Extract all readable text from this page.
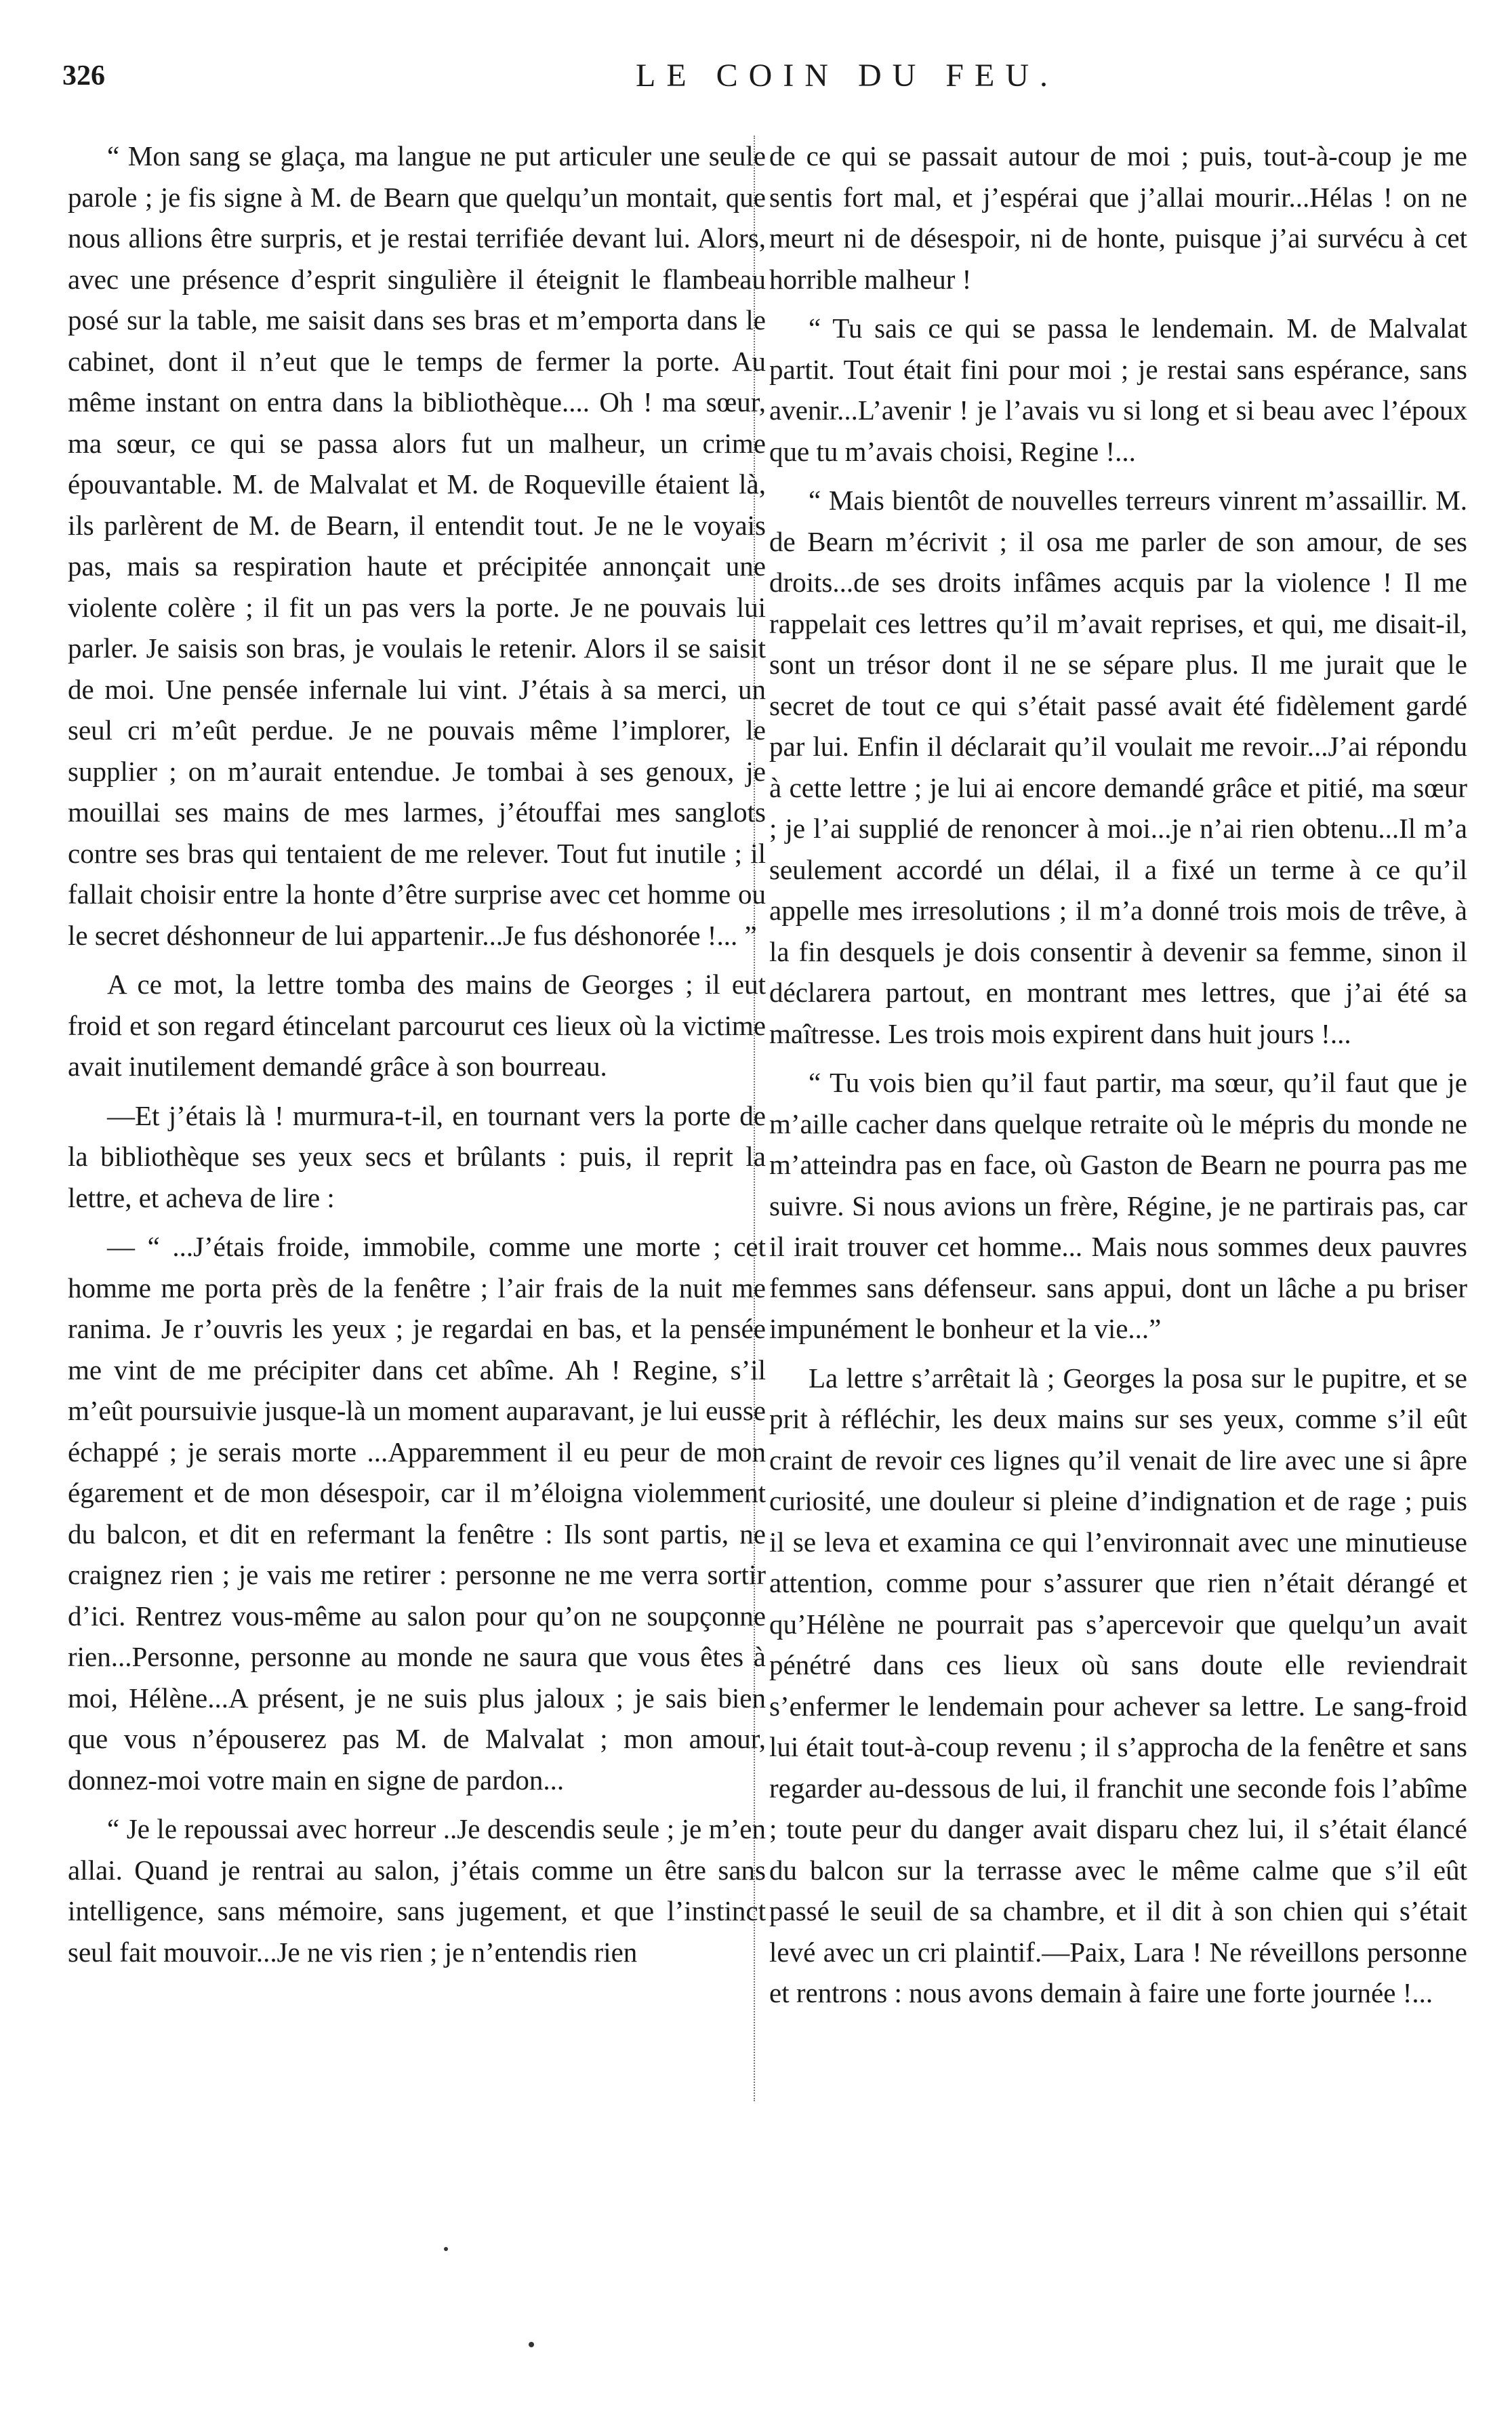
326	LE COIN DU FEU.

“ Mon sang se glaça, ma langue ne put articuler une seule parole ; je fis signe à M. de Bearn que quelqu’un montait, que nous allions être surpris, et je restai terrifiée devant lui. Alors, avec une présence d’esprit singulière il éteignit le flambeau posé sur la table, me saisit dans ses bras et m’emporta dans le cabinet, dont il n’eut que le temps de fermer la porte. Au même instant on entra dans la bibliothèque.... Oh ! ma sœur, ma sœur, ce qui se passa alors fut un malheur, un crime épouvantable. M. de Malvalat et M. de Roqueville étaient là, ils parlèrent de M. de Bearn, il entendit tout. Je ne le voyais pas, mais sa respiration haute et précipitée annonçait une violente colère ; il fit un pas vers la porte. Je ne pouvais lui parler. Je saisis son bras, je voulais le retenir. Alors il se saisit de moi. Une pensée infernale lui vint. J’étais à sa merci, un seul cri m’eût perdue. Je ne pouvais même l’implorer, le supplier ; on m’aurait entendue. Je tombai à ses genoux, je mouillai ses mains de mes larmes, j’étouffai mes sanglots contre ses bras qui tentaient de me relever. Tout fut inutile ; il fallait choisir entre la honte d’être surprise avec cet homme ou le secret déshonneur de lui appartenir...Je fus déshonorée !... ”

A ce mot, la lettre tomba des mains de Georges ; il eut froid et son regard étincelant parcourut ces lieux où la victime avait inutilement demandé grâce à son bourreau.

—Et j’étais là ! murmura-t-il, en tournant vers la porte de la bibliothèque ses yeux secs et brûlants : puis, il reprit la lettre, et acheva de lire :

— “ ...J’étais froide, immobile, comme une morte ; cet homme me porta près de la fenêtre ; l’air frais de la nuit me ranima. Je r’ouvris les yeux ; je regardai en bas, et la pensée me vint de me précipiter dans cet abîme. Ah ! Regine, s’il m’eût poursuivie jusque-là un moment auparavant, je lui eusse échappé ; je serais morte ...Apparemment il eu peur de mon égarement et de mon désespoir, car il m’éloigna violemment du balcon, et dit en refermant la fenêtre : Ils sont partis, ne craignez rien ; je vais me retirer : personne ne me verra sortir d’ici. Rentrez vous-même au salon pour qu’on ne soupçonne rien...Personne, personne au monde ne saura que vous êtes à moi, Hélène...A présent, je ne suis plus jaloux ; je sais bien que vous n’épouserez pas M. de Malvalat ; mon amour, donnez-moi votre main en signe de pardon...

“ Je le repoussai avec horreur ..Je descendis seule ; je m’en allai. Quand je rentrai au salon, j’étais comme un être sans intelligence, sans mémoire, sans jugement, et que l’instinct seul fait mouvoir...Je ne vis rien ; je n’entendis rien

de ce qui se passait autour de moi ; puis, tout-à-coup je me sentis fort mal, et j’espérai que j’allai mourir...Hélas ! on ne meurt ni de désespoir, ni de honte, puisque j’ai survécu à cet horrible malheur !

“ Tu sais ce qui se passa le lendemain. M. de Malvalat partit. Tout était fini pour moi ; je restai sans espérance, sans avenir...L’avenir ! je l’avais vu si long et si beau avec l’époux que tu m’avais choisi, Regine !...

“ Mais bientôt de nouvelles terreurs vinrent m’assaillir. M. de Bearn m’écrivit ; il osa me parler de son amour, de ses droits...de ses droits infâmes acquis par la violence ! Il me rappelait ces lettres qu’il m’avait reprises, et qui, me disait-il, sont un trésor dont il ne se sépare plus. Il me jurait que le secret de tout ce qui s’était passé avait été fidèlement gardé par lui. Enfin il déclarait qu’il voulait me revoir...J’ai répondu à cette lettre ; je lui ai encore demandé grâce et pitié, ma sœur ; je l’ai supplié de renoncer à moi...je n’ai rien obtenu...Il m’a seulement accordé un délai, il a fixé un terme à ce qu’il appelle mes irresolutions ; il m’a donné trois mois de trêve, à la fin desquels je dois consentir à devenir sa femme, sinon il déclarera partout, en montrant mes lettres, que j’ai été sa maîtresse. Les trois mois expirent dans huit jours !...

“ Tu vois bien qu’il faut partir, ma sœur, qu’il faut que je m’aille cacher dans quelque retraite où le mépris du monde ne m’atteindra pas en face, où Gaston de Bearn ne pourra pas me suivre. Si nous avions un frère, Régine, je ne partirais pas, car il irait trouver cet homme... Mais nous sommes deux pauvres femmes sans défenseur. sans appui, dont un lâche a pu briser impunément le bonheur et la vie...”

La lettre s’arrêtait là ; Georges la posa sur le pupitre, et se prit à réfléchir, les deux mains sur ses yeux, comme s’il eût craint de revoir ces lignes qu’il venait de lire avec une si âpre curiosité, une douleur si pleine d’indignation et de rage ; puis il se leva et examina ce qui l’environnait avec une minutieuse attention, comme pour s’assurer que rien n’était dérangé et qu’Hélène ne pourrait pas s’apercevoir que quelqu’un avait pénétré dans ces lieux où sans doute elle reviendrait s’enfermer le lendemain pour achever sa lettre. Le sang-froid lui était tout-à-coup revenu ; il s’approcha de la fenêtre et sans regarder au-dessous de lui, il franchit une seconde fois l’abîme ; toute peur du danger avait disparu chez lui, il s’était élancé du balcon sur la terrasse avec le même calme que s’il eût passé le seuil de sa chambre, et il dit à son chien qui s’était levé avec un cri plaintif.—Paix, Lara ! Ne réveillons personne et rentrons : nous avons demain à faire une forte journée !...
